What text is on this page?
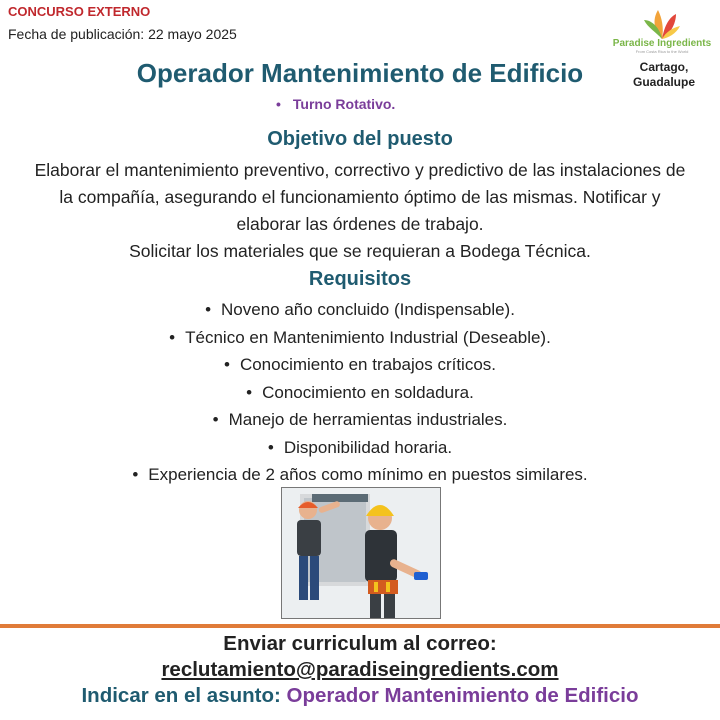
CONCURSO EXTERNO
Fecha de publicación: 22 mayo 2025
Paradise Ingredients
From Costa Rica to the World
Cartago,
Guadalupe
Operador Mantenimiento de Edificio
• Turno Rotativo.
Objetivo del puesto
Elaborar el mantenimiento preventivo, correctivo y predictivo de las instalaciones de
la compañía, asegurando el funcionamiento óptimo de las mismas. Notificar y
elaborar las órdenes de trabajo.
Solicitar los materiales que se requieran a Bodega Técnica.
Requisitos
• Noveno año concluido (Indispensable).
• Técnico en Mantenimiento Industrial (Deseable).
• Conocimiento en trabajos críticos.
• Conocimiento en soldadura.
• Manejo de herramientas industriales.
• Disponibilidad horaria.
• Experiencia de 2 años como mínimo en puestos similares.
Enviar curriculum al correo:
reclutamiento@paradiseingredients.com
Indicar en el asunto: Operador Mantenimiento de Edificio
